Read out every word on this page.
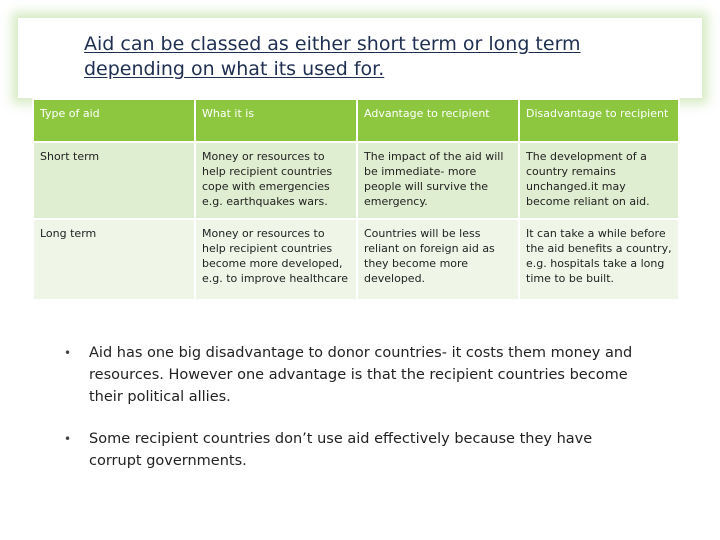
Aid can be classed as either short term or long term depending on what its used for.
Type of aid	What it is	Advantage to recipient	Disadvantage to recipient
Short term	Money or resources to help recipient countries cope with emergencies e.g. earthquakes wars.	The impact of the aid will be immediate- more people will survive the emergency.	The development of a country remains unchanged.it may become reliant on aid.
Long term	Money or resources to help recipient countries become more developed, e.g. to improve healthcare	Countries will be less reliant on foreign aid as they become more developed.	It can take a while before the aid benefits a country, e.g. hospitals take a long time to be built.
• Aid has one big disadvantage to donor countries- it costs them money and resources. However one advantage is that the recipient countries become their political allies.
• Some recipient countries don’t use aid effectively because they have corrupt governments.
